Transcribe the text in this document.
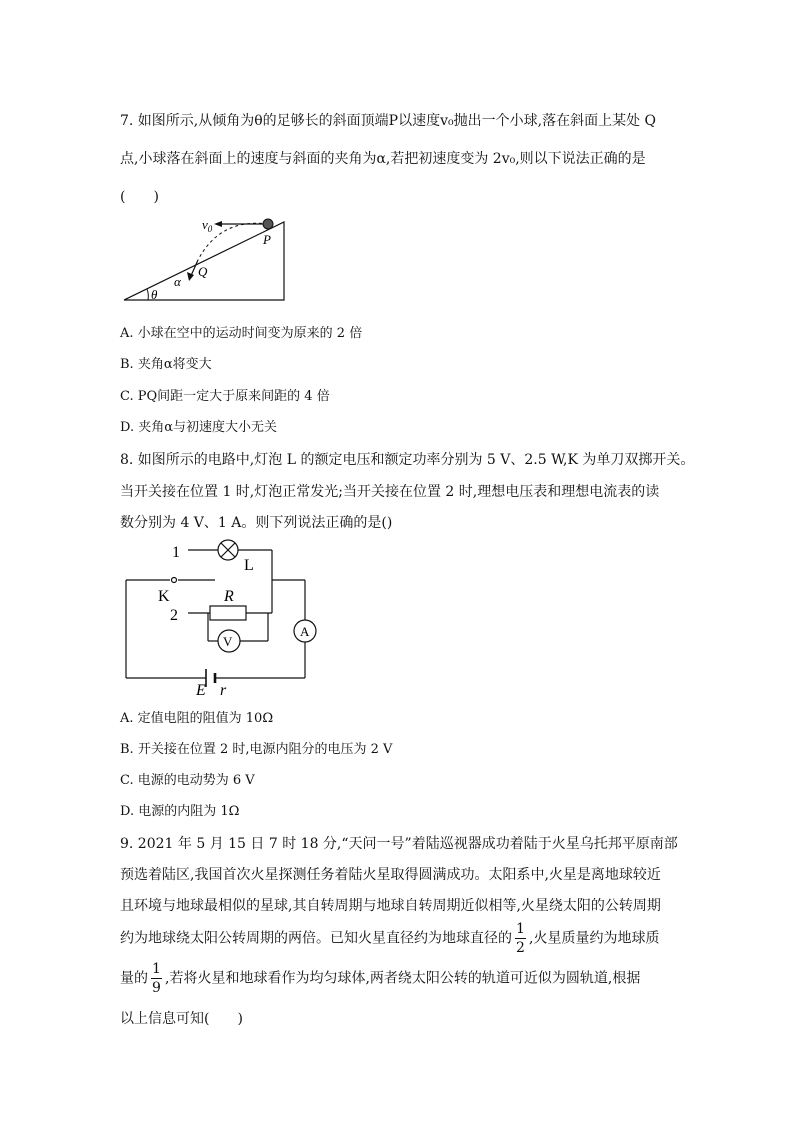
7. 如图所示,从倾角为θ的足够长的斜面顶端P以速度v₀抛出一个小球,落在斜面上某处 Q
点,小球落在斜面上的速度与斜面的夹角为α,若把初速度变为 2v₀,则以下说法正确的是
(　　)
$v_0$
P
Q
α
θ
A. 小球在空中的运动时间变为原来的 2 倍
B. 夹角α将变大
C. PQ间距一定大于原来间距的 4 倍
D. 夹角α与初速度大小无关
8. 如图所示的电路中,灯泡 L 的额定电压和额定功率分别为 5 V、2.5 W,K 为单刀双掷开关。
当开关接在位置 1 时,灯泡正常发光;当开关接在位置 2 时,理想电压表和理想电流表的读
数分别为 4 V、1 A。则下列说法正确的是()
1
L
K	R
2
V
A
E r
A. 定值电阻的阻值为 10Ω
B. 开关接在位置 2 时,电源内阻分的电压为 2 V
C. 电源的电动势为 6 V
D. 电源的内阻为 1Ω
9. 2021 年 5 月 15 日 7 时 18 分,“天问一号”着陆巡视器成功着陆于火星乌托邦平原南部
预选着陆区,我国首次火星探测任务着陆火星取得圆满成功。太阳系中,火星是离地球较近
且环境与地球最相似的星球,其自转周期与地球自转周期近似相等,火星绕太阳的公转周期
约为地球绕太阳公转周期的两倍。已知火星直径约为地球直径的 $\frac{1}{2}$ ,火星质量约为地球质
量的 $\frac{1}{9}$ ,若将火星和地球看作为均匀球体,两者绕太阳公转的轨道可近似为圆轨道,根据
以上信息可知(　　)
